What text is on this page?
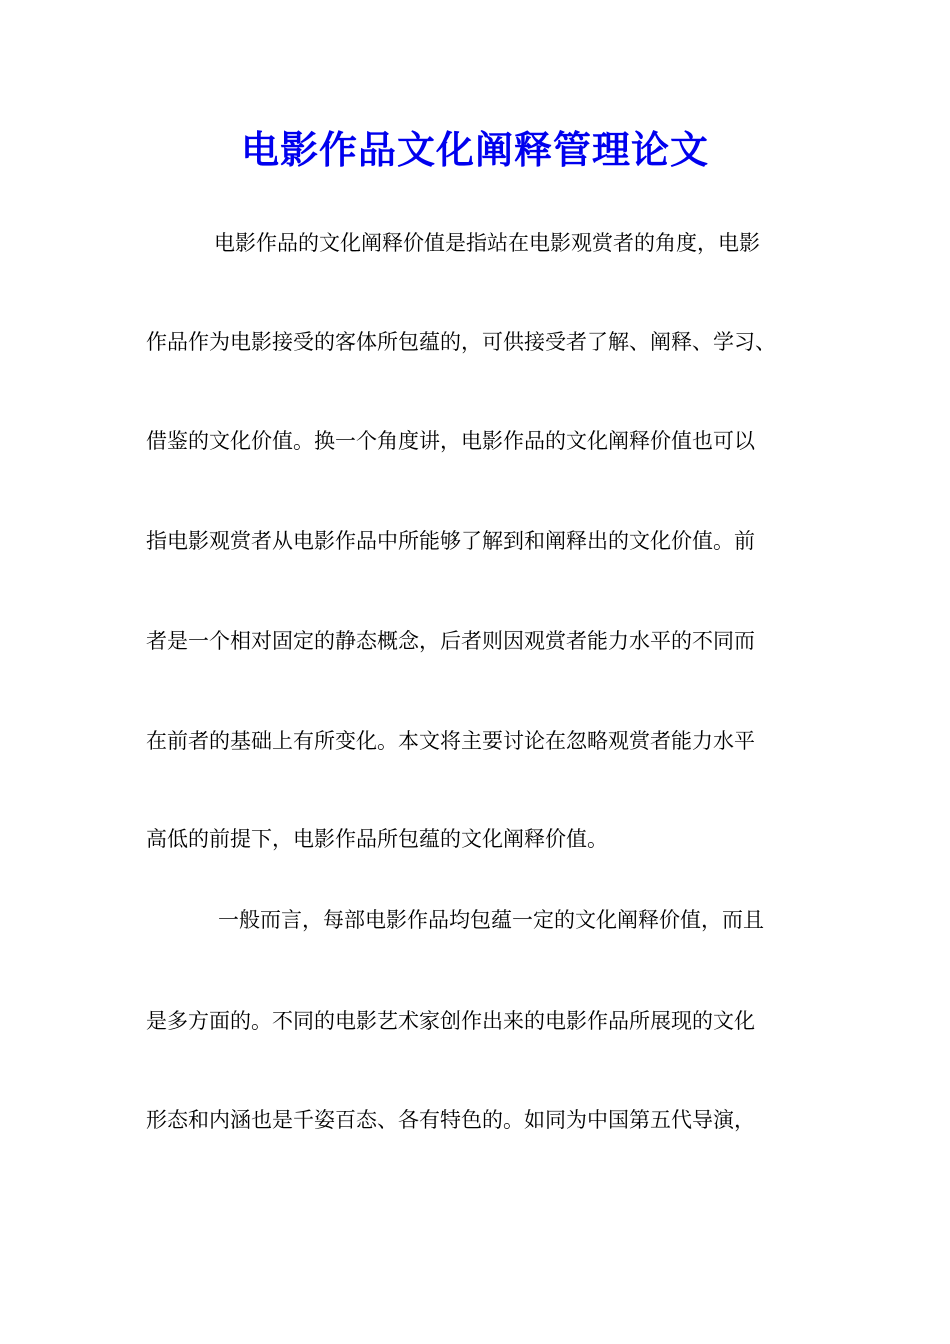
电影作品文化阐释管理论文
电影作品的文化阐释价值是指站在电影观赏者的角度，电影
作品作为电影接受的客体所包蕴的，可供接受者了解、阐释、学习、
借鉴的文化价值。换一个角度讲，电影作品的文化阐释价值也可以
指电影观赏者从电影作品中所能够了解到和阐释出的文化价值。前
者是一个相对固定的静态概念，后者则因观赏者能力水平的不同而
在前者的基础上有所变化。本文将主要讨论在忽略观赏者能力水平
高低的前提下，电影作品所包蕴的文化阐释价值。
一般而言，每部电影作品均包蕴一定的文化阐释价值，而且
是多方面的。不同的电影艺术家创作出来的电影作品所展现的文化
形态和内涵也是千姿百态、各有特色的。如同为中国第五代导演，
